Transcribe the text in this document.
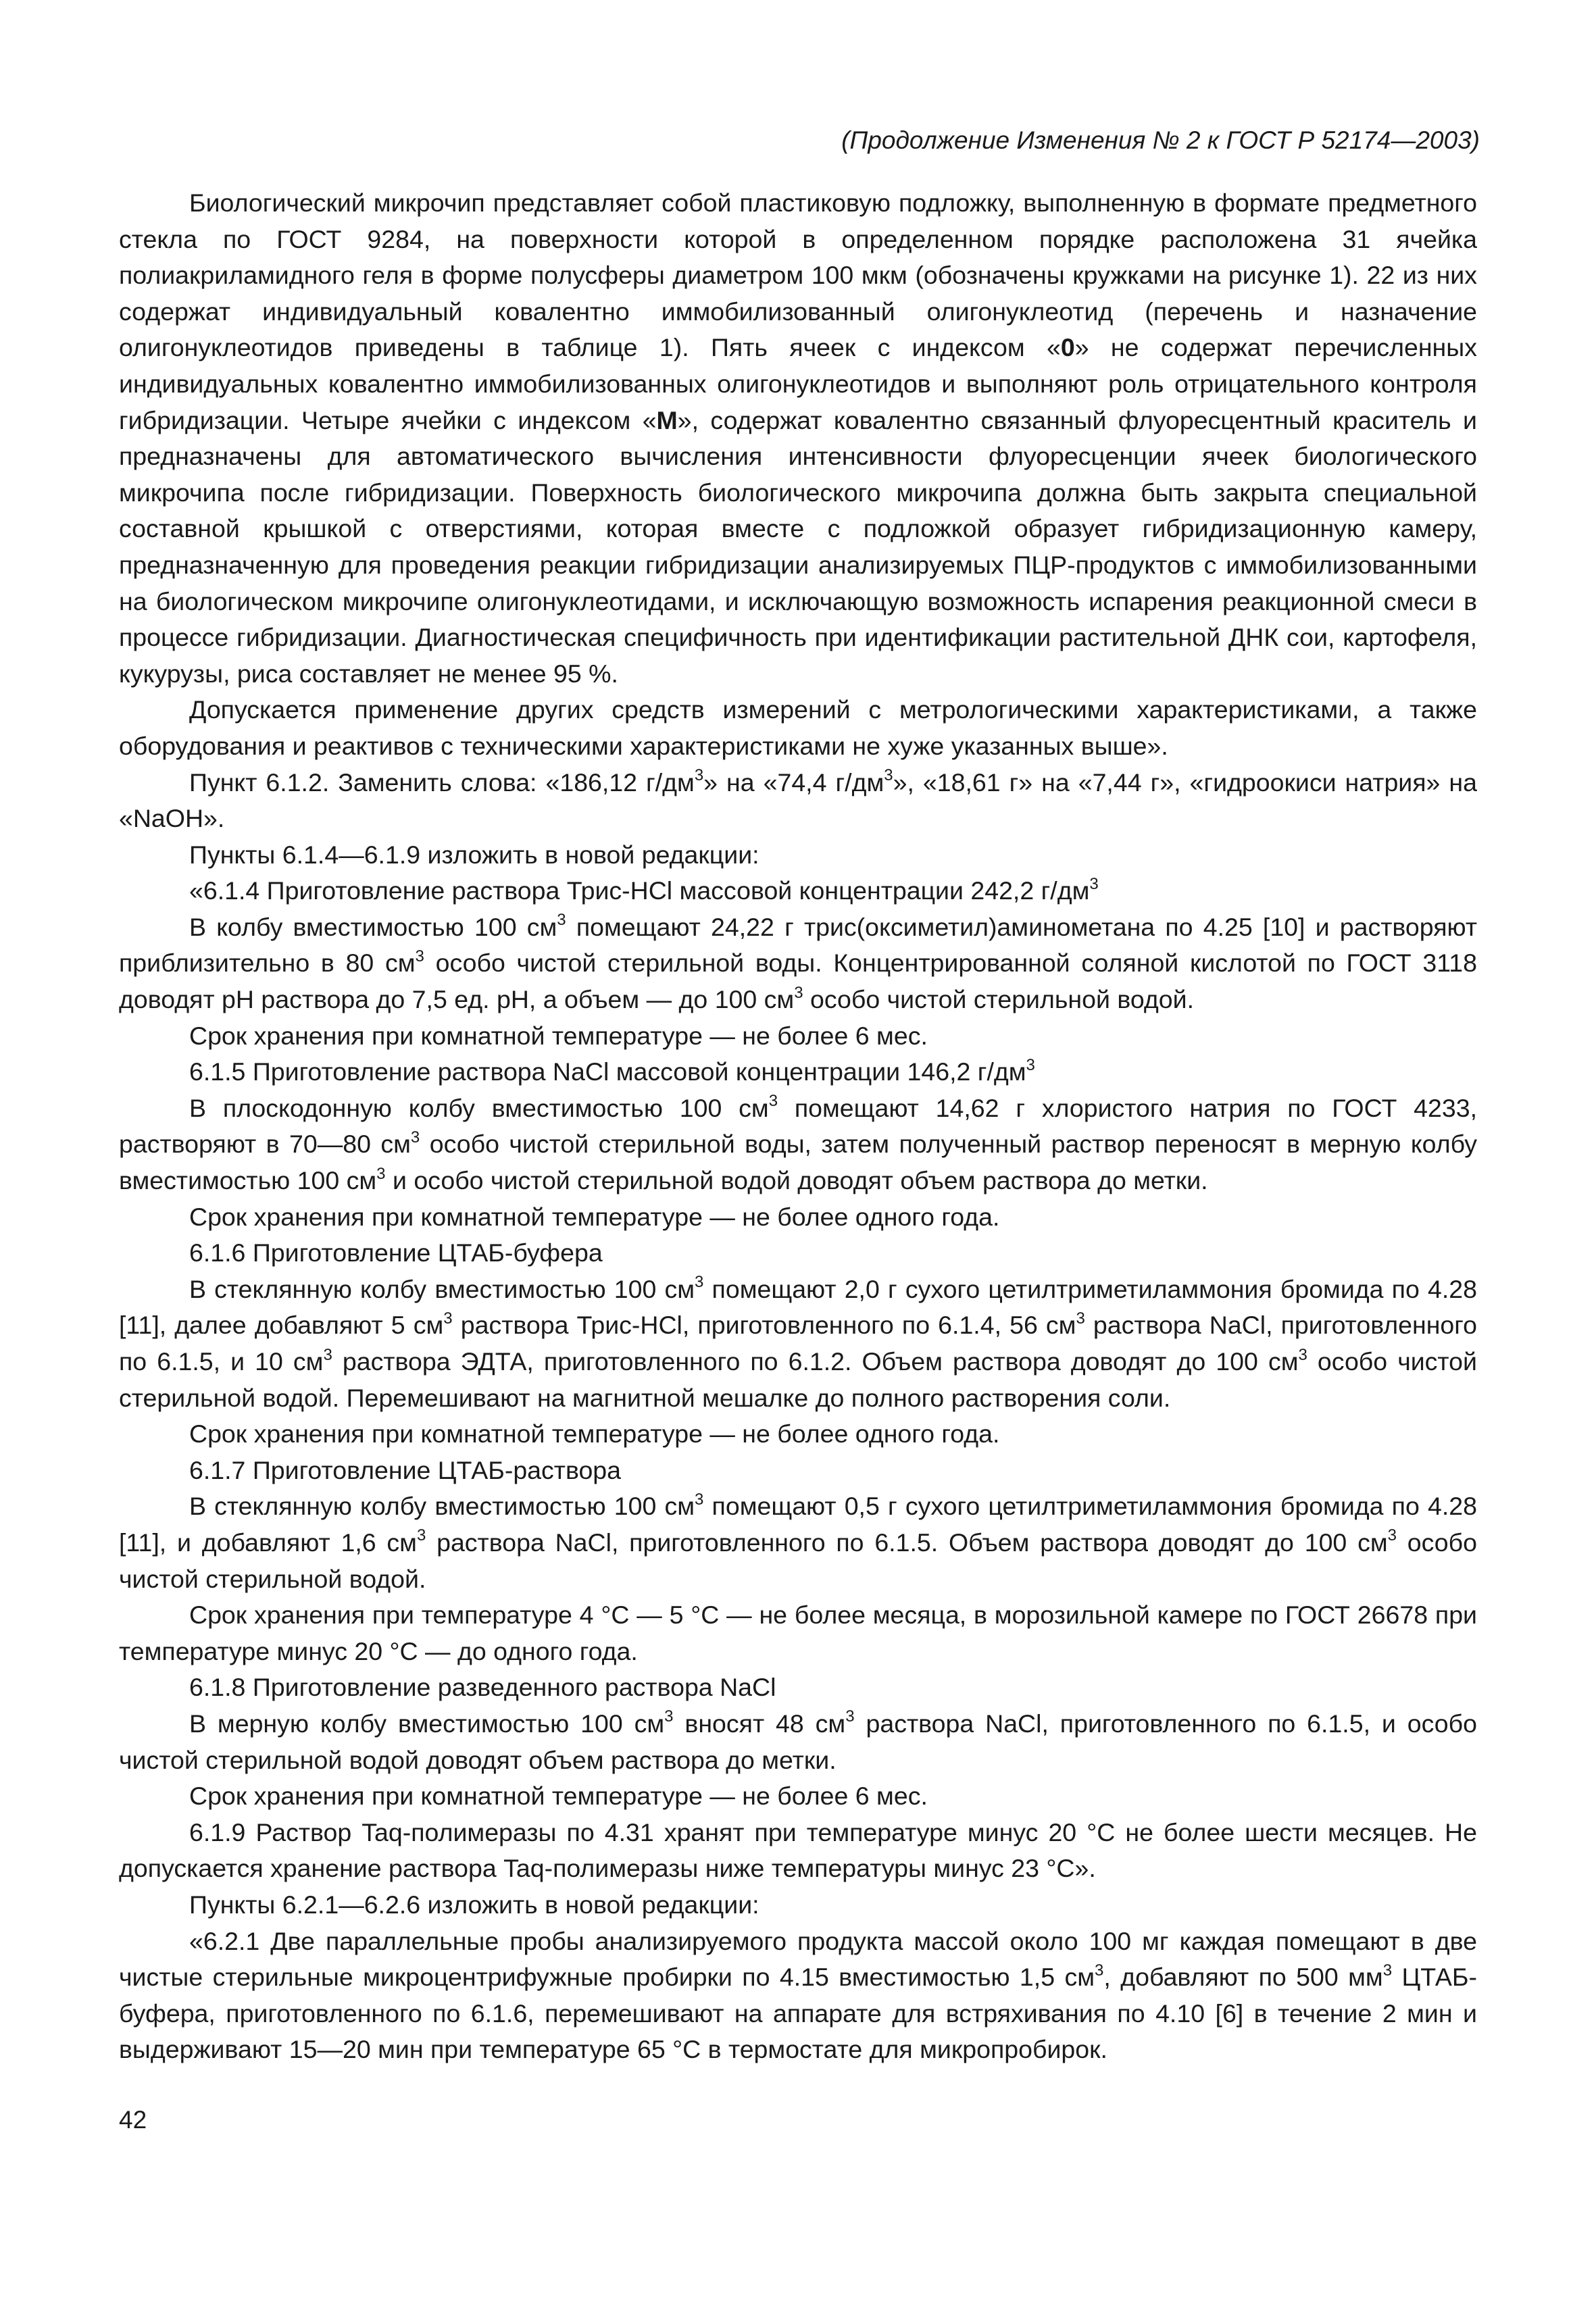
(Продолжение Изменения № 2 к ГОСТ Р 52174—2003)

Биологический микрочип представляет собой пластиковую подложку, выполненную в формате предметного стекла по ГОСТ 9284, на поверхности которой в определенном порядке расположена 31 ячейка полиакриламидного геля в форме полусферы диаметром 100 мкм (обозначены кружками на рисунке 1). 22 из них содержат индивидуальный ковалентно иммобилизованный олигонуклеотид (перечень и назначение олигонуклеотидов приведены в таблице 1). Пять ячеек с индексом «0» не содержат перечисленных индивидуальных ковалентно иммобилизованных олигонуклеотидов и выполняют роль отрицательного контроля гибридизации. Четыре ячейки с индексом «M», содержат ковалентно связанный флуоресцентный краситель и предназначены для автоматического вычисления интенсивности флуоресценции ячеек биологического микрочипа после гибридизации. Поверхность биологического микрочипа должна быть закрыта специальной составной крышкой с отверстиями, которая вместе с подложкой образует гибридизационную камеру, предназначенную для проведения реакции гибридизации анализируемых ПЦР-продуктов с иммобилизованными на биологическом микрочипе олигонуклеотидами, и исключающую возможность испарения реакционной смеси в процессе гибридизации. Диагностическая специфичность при идентификации растительной ДНК сои, картофеля, кукурузы, риса составляет не менее 95 %.

Допускается применение других средств измерений с метрологическими характеристиками, а также оборудования и реактивов с техническими характеристиками не хуже указанных выше».

Пункт 6.1.2. Заменить слова: «186,12 $г/дм^3$» на «74,4 $г/дм^3$», «18,61 г» на «7,44 г», «гидроокиси натрия» на «NaOH».

Пункты 6.1.4—6.1.9 изложить в новой редакции:

«6.1.4 Приготовление раствора Трис-HCl массовой концентрации 242,2 $г/дм^3$

В колбу вместимостью 100 $см^3$ помещают 24,22 г трис(оксиметил)аминометана по 4.25 [10] и растворяют приблизительно в 80 $см^3$ особо чистой стерильной воды. Концентрированной соляной кислотой по ГОСТ 3118 доводят pH раствора до 7,5 ед. pH, а объем — до 100 $см^3$ особо чистой стерильной водой.

Срок хранения при комнатной температуре — не более 6 мес.

6.1.5 Приготовление раствора NaCl массовой концентрации 146,2 $г/дм^3$

В плоскодонную колбу вместимостью 100 $см^3$ помещают 14,62 г хлористого натрия по ГОСТ 4233, растворяют в 70—80 $см^3$ особо чистой стерильной воды, затем полученный раствор переносят в мерную колбу вместимостью 100 $см^3$ и особо чистой стерильной водой доводят объем раствора до метки.

Срок хранения при комнатной температуре — не более одного года.

6.1.6 Приготовление ЦТАБ-буфера

В стеклянную колбу вместимостью 100 $см^3$ помещают 2,0 г сухого цетилтриметиламмония бромида по 4.28 [11], далее добавляют 5 $см^3$ раствора Трис-HCl, приготовленного по 6.1.4, 56 $см^3$ раствора NaCl, приготовленного по 6.1.5, и 10 $см^3$ раствора ЭДТА, приготовленного по 6.1.2. Объем раствора доводят до 100 $см^3$ особо чистой стерильной водой. Перемешивают на магнитной мешалке до полного растворения соли.

Срок хранения при комнатной температуре — не более одного года.

6.1.7 Приготовление ЦТАБ-раствора

В стеклянную колбу вместимостью 100 $см^3$ помещают 0,5 г сухого цетилтриметиламмония бромида по 4.28 [11], и добавляют 1,6 $см^3$ раствора NaCl, приготовленного по 6.1.5. Объем раствора доводят до 100 $см^3$ особо чистой стерильной водой.

Срок хранения при температуре 4 °С — 5 °С — не более месяца, в морозильной камере по ГОСТ 26678 при температуре минус 20 °С — до одного года.

6.1.8 Приготовление разведенного раствора NaCl

В мерную колбу вместимостью 100 $см^3$ вносят 48 $см^3$ раствора NaCl, приготовленного по 6.1.5, и особо чистой стерильной водой доводят объем раствора до метки.

Срок хранения при комнатной температуре — не более 6 мес.

6.1.9 Раствор Taq-полимеразы по 4.31 хранят при температуре минус 20 °С не более шести месяцев. Не допускается хранение раствора Taq-полимеразы ниже температуры минус 23 °С».

Пункты 6.2.1—6.2.6 изложить в новой редакции:

«6.2.1 Две параллельные пробы анализируемого продукта массой около 100 мг каждая помещают в две чистые стерильные микроцентрифужные пробирки по 4.15 вместимостью 1,5 $см^3$, добавляют по 500 $мм^3$ ЦТАБ-буфера, приготовленного по 6.1.6, перемешивают на аппарате для встряхивания по 4.10 [6] в течение 2 мин и выдерживают 15—20 мин при температуре 65 °С в термостате для микропробирок.

42
